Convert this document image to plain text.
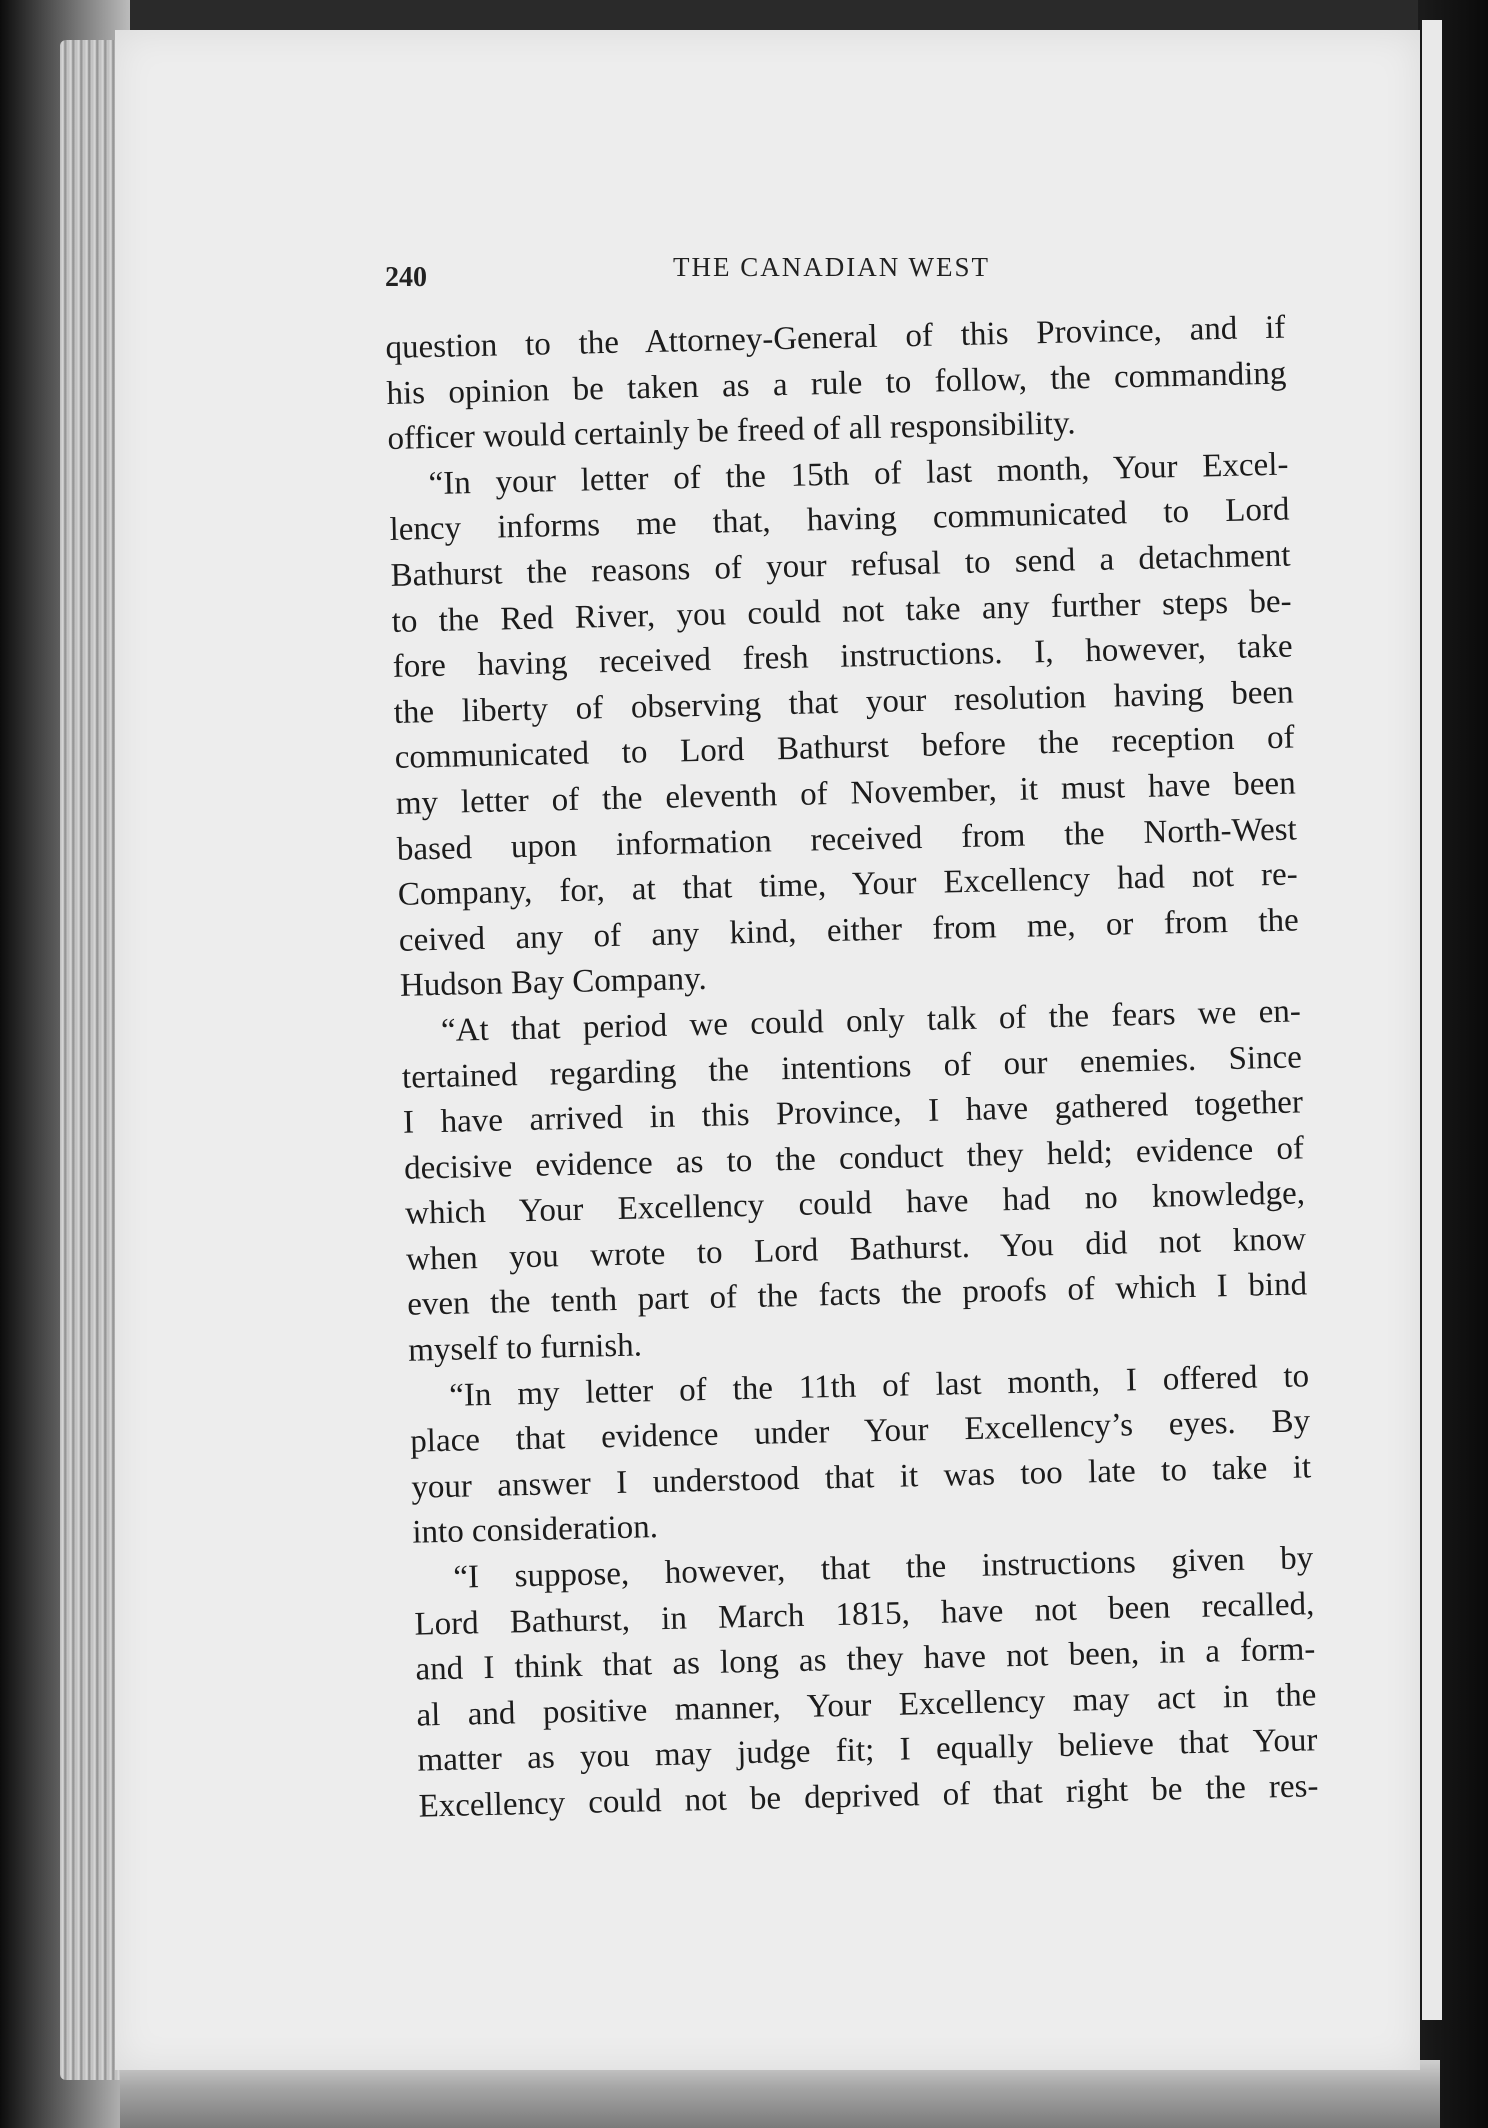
240	THE CANADIAN WEST
question to the Attorney-General of this Province, and if
his opinion be taken as a rule to follow, the commanding
officer would certainly be freed of all responsibility.
“In your letter of the 15th of last month, Your Excel-
lency informs me that, having communicated to Lord
Bathurst the reasons of your refusal to send a detachment
to the Red River, you could not take any further steps be-
fore having received fresh instructions. I, however, take
the liberty of observing that your resolution having been
communicated to Lord Bathurst before the reception of
my letter of the eleventh of November, it must have been
based upon information received from the North-West
Company, for, at that time, Your Excellency had not re-
ceived any of any kind, either from me, or from the
Hudson Bay Company.
“At that period we could only talk of the fears we en-
tertained regarding the intentions of our enemies. Since
I have arrived in this Province, I have gathered together
decisive evidence as to the conduct they held; evidence of
which Your Excellency could have had no knowledge,
when you wrote to Lord Bathurst. You did not know
even the tenth part of the facts the proofs of which I bind
myself to furnish.
“In my letter of the 11th of last month, I offered to
place that evidence under Your Excellency’s eyes. By
your answer I understood that it was too late to take it
into consideration.
“I suppose, however, that the instructions given by
Lord Bathurst, in March 1815, have not been recalled,
and I think that as long as they have not been, in a form-
al and positive manner, Your Excellency may act in the
matter as you may judge fit; I equally believe that Your
Excellency could not be deprived of that right be the res-
